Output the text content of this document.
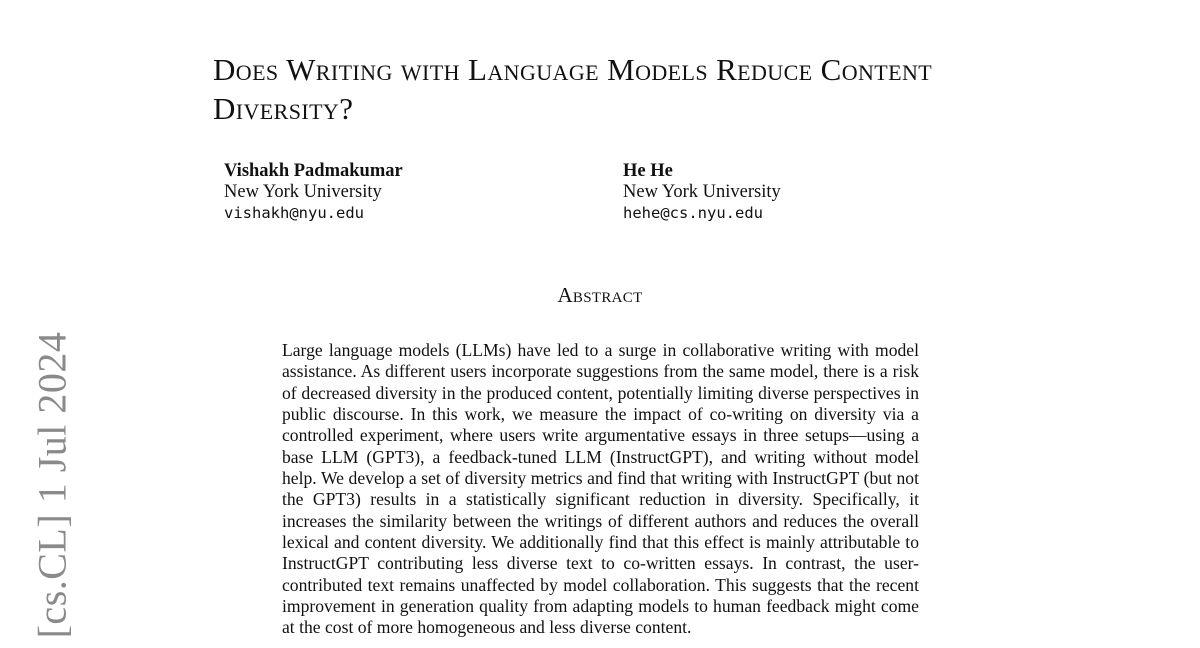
Does Writing with Language Models Reduce Content Diversity?
Vishakh Padmakumar
New York University
vishakh@nyu.edu
He He
New York University
hehe@cs.nyu.edu
Abstract

Large language models (LLMs) have led to a surge in collaborative writing with model assistance. As different users incorporate suggestions from the same model, there is a risk of decreased diversity in the produced content, potentially limiting diverse perspectives in public discourse. In this work, we measure the impact of co-writing on diversity via a controlled experiment, where users write argumentative essays in three setups—using a base LLM (GPT3), a feedback-tuned LLM (InstructGPT), and writing without model help. We develop a set of diversity metrics and find that writing with InstructGPT (but not the GPT3) results in a statistically significant reduction in diversity. Specifically, it increases the similarity between the writings of different authors and reduces the overall lexical and content diversity. We additionally find that this effect is mainly attributable to InstructGPT contributing less diverse text to co-written essays. In contrast, the user-contributed text remains unaffected by model collaboration. This suggests that the recent improvement in generation quality from adapting models to human feedback might come at the cost of more homogeneous and less diverse content.

[cs.CL] 1 Jul 2024
